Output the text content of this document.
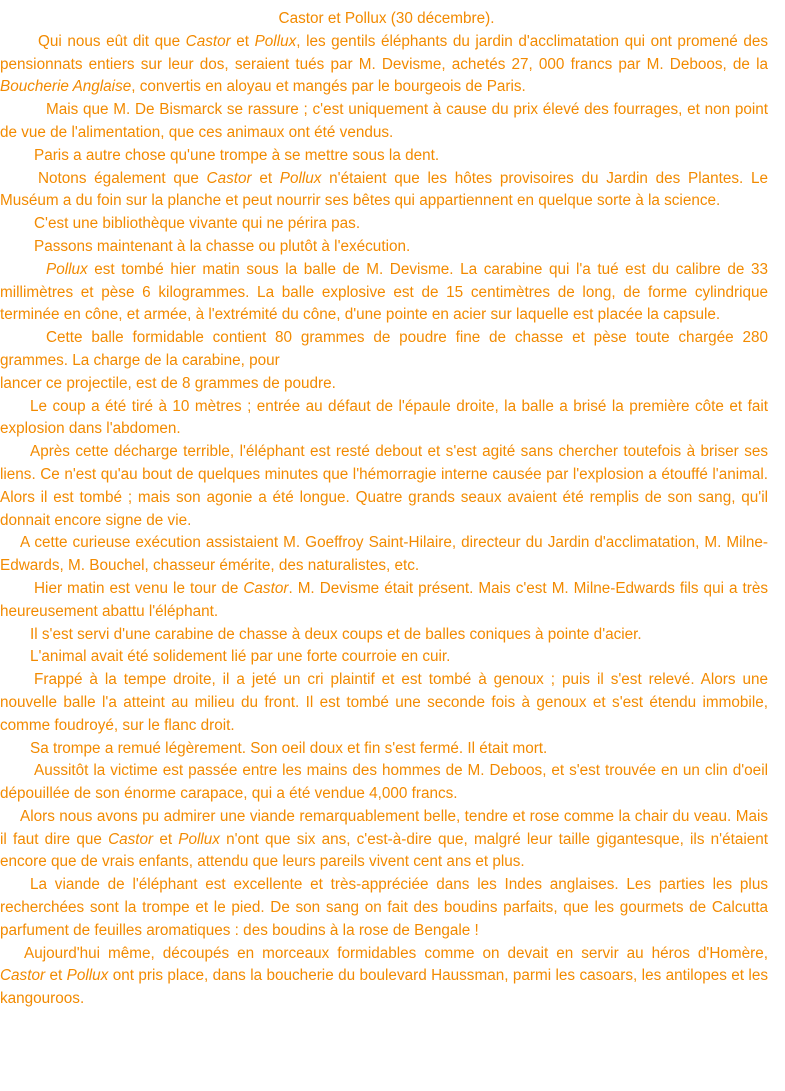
Castor et Pollux (30 décembre).

Qui nous eût dit que Castor et Pollux, les gentils éléphants du jardin d'acclimatation qui ont promené des pensionnats entiers sur leur dos, seraient tués par M. Devisme, achetés 27, 000 francs par M. Deboos, de la Boucherie Anglaise, convertis en aloyau et mangés par le bourgeois de Paris.

Mais que M. De Bismarck se rassure ; c'est uniquement à cause du prix élevé des fourrages, et non point de vue de l'alimentation, que ces animaux ont été vendus.

Paris a autre chose qu'une trompe à se mettre sous la dent.

Notons également que Castor et Pollux n'étaient que les hôtes provisoires du Jardin des Plantes. Le Muséum a du foin sur la planche et peut nourrir ses bêtes qui appartiennent en quelque sorte à la science.

C'est une bibliothèque vivante qui ne périra pas.

Passons maintenant à la chasse ou plutôt à l'exécution.

Pollux est tombé hier matin sous la balle de M. Devisme. La carabine qui l'a tué est du calibre de 33 millimètres et pèse 6 kilogrammes. La balle explosive est de 15 centimètres de long, de forme cylindrique terminée en cône, et armée, à l'extrémité du cône, d'une pointe en acier sur laquelle est placée la capsule.

Cette balle formidable contient 80 grammes de poudre fine de chasse et pèse toute chargée 280 grammes. La charge de la carabine, pour

lancer ce projectile, est de 8 grammes de poudre.

Le coup a été tiré à 10 mètres ; entrée au défaut de l'épaule droite, la balle a brisé la première côte et fait explosion dans l'abdomen.

Après cette décharge terrible, l'éléphant est resté debout et s'est agité sans chercher toutefois à briser ses liens. Ce n'est qu'au bout de quelques minutes que l'hémorragie interne causée par l'explosion a étouffé l'animal. Alors il est tombé ; mais son agonie a été longue. Quatre grands seaux avaient été remplis de son sang, qu'il donnait encore signe de vie.

A cette curieuse exécution assistaient M. Goeffroy Saint-Hilaire, directeur du Jardin d'acclimatation, M. Milne-Edwards, M. Bouchel, chasseur émérite, des naturalistes, etc.

Hier matin est venu le tour de Castor. M. Devisme était présent. Mais c'est M. Milne-Edwards fils qui a très heureusement abattu l'éléphant.

Il s'est servi d'une carabine de chasse à deux coups et de balles coniques à pointe d'acier.

L'animal avait été solidement lié par une forte courroie en cuir.

Frappé à la tempe droite, il a jeté un cri plaintif et est tombé à genoux ; puis il s'est relevé. Alors une nouvelle balle l'a atteint au milieu du front. Il est tombé une seconde fois à genoux et s'est étendu immobile, comme foudroyé, sur le flanc droit.

Sa trompe a remué légèrement. Son oeil doux et fin s'est fermé. Il était mort.

Aussitôt la victime est passée entre les mains des hommes de M. Deboos, et s'est trouvée en un clin d'oeil dépouillée de son énorme carapace, qui a été vendue 4,000 francs.

Alors nous avons pu admirer une viande remarquablement belle, tendre et rose comme la chair du veau. Mais il faut dire que Castor et Pollux n'ont que six ans, c'est-à-dire que, malgré leur taille gigantesque, ils n'étaient encore que de vrais enfants, attendu que leurs pareils vivent cent ans et plus.

La viande de l'éléphant est excellente et très-appréciée dans les Indes anglaises. Les parties les plus recherchées sont la trompe et le pied. De son sang on fait des boudins parfaits, que les gourmets de Calcutta parfument de feuilles aromatiques : des boudins à la rose de Bengale !

Aujourd'hui même, découpés en morceaux formidables comme on devait en servir au héros d'Homère, Castor et Pollux ont pris place, dans la boucherie du boulevard Haussman, parmi les casoars, les antilopes et les kangouroos.
